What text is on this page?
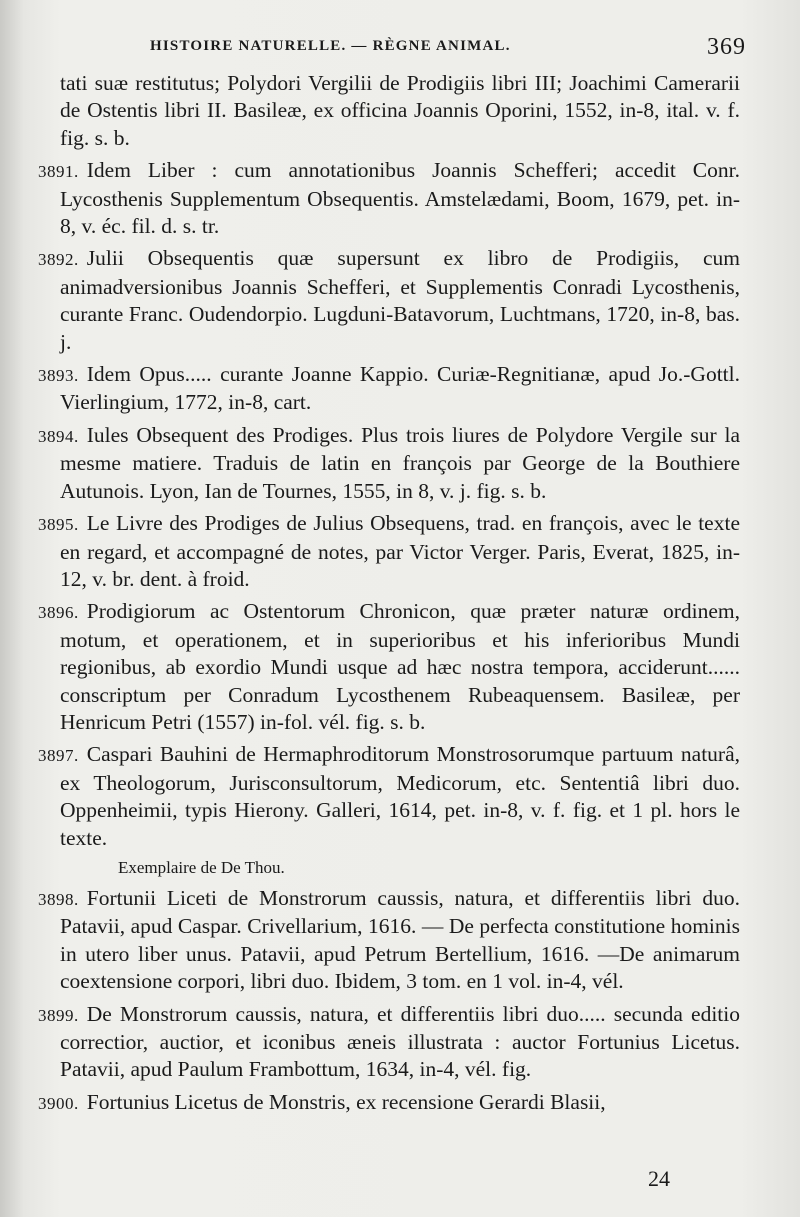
HISTOIRE NATURELLE. — RÈGNE ANIMAL.	369
tati suæ restitutus; Polydori Vergilii de Prodigiis libri III; Joachimi Camerarii de Ostentis libri II. Basileæ, ex officina Joannis Oporini, 1552, in-8, ital. v. f. fig. s. b.
3891. Idem Liber : cum annotationibus Joannis Schefferi; accedit Conr. Lycosthenis Supplementum Obsequentis. Amstelædami, Boom, 1679, pet. in-8, v. éc. fil. d. s. tr.
3892. Julii Obsequentis quæ supersunt ex libro de Prodigiis, cum animadversionibus Joannis Schefferi, et Supplementis Conradi Lycosthenis, curante Franc. Oudendorpio. Lugduni-Batavorum, Luchtmans, 1720, in-8, bas. j.
3893. Idem Opus..... curante Joanne Kappio. Curiæ-Regnitianæ, apud Jo.-Gottl. Vierlingium, 1772, in-8, cart.
3894. Iules Obsequent des Prodiges. Plus trois liures de Polydore Vergile sur la mesme matiere. Traduis de latin en françois par George de la Bouthiere Autunois. Lyon, Ian de Tournes, 1555, in 8, v. j. fig. s. b.
3895. Le Livre des Prodiges de Julius Obsequens, trad. en françois, avec le texte en regard, et accompagné de notes, par Victor Verger. Paris, Everat, 1825, in-12, v. br. dent. à froid.
3896. Prodigiorum ac Ostentorum Chronicon, quæ præter naturæ ordinem, motum, et operationem, et in superioribus et his inferioribus Mundi regionibus, ab exordio Mundi usque ad hæc nostra tempora, acciderunt...... conscriptum per Conradum Lycosthenem Rubeaquensem. Basileæ, per Henricum Petri (1557) in-fol. vél. fig. s. b.
3897. Caspari Bauhini de Hermaphroditorum Monstrosorumque partuum naturâ, ex Theologorum, Jurisconsultorum, Medicorum, etc. Sententiâ libri duo. Oppenheimii, typis Hierony. Galleri, 1614, pet. in-8, v. f. fig. et 1 pl. hors le texte.
Exemplaire de De Thou.
3898. Fortunii Liceti de Monstrorum caussis, natura, et differentiis libri duo. Patavii, apud Caspar. Crivellarium, 1616. — De perfecta constitutione hominis in utero liber unus. Patavii, apud Petrum Bertellium, 1616. —De animarum coextensione corpori, libri duo. Ibidem, 3 tom. en 1 vol. in-4, vél.
3899. De Monstrorum caussis, natura, et differentiis libri duo..... secunda editio correctior, auctior, et iconibus æneis illustrata : auctor Fortunius Licetus. Patavii, apud Paulum Frambottum, 1634, in-4, vél. fig.
3900. Fortunius Licetus de Monstris, ex recensione Gerardi Blasii,
24
